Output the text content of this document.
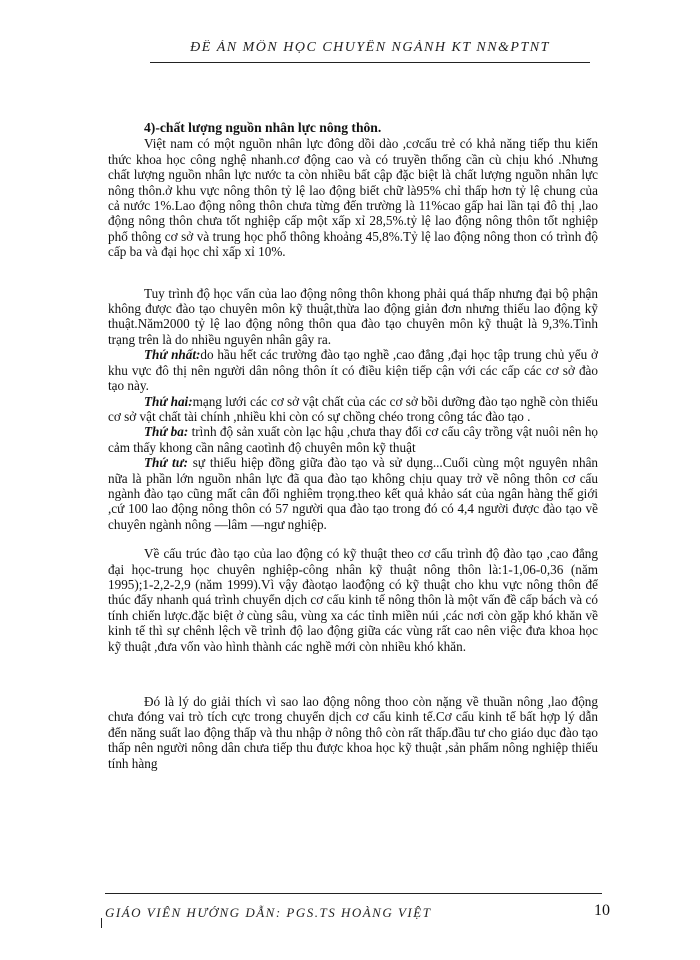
ĐỀ ÁN MÔN HỌC CHUYÊN NGÀNH KT NN&PTNT
4)-chất lượng nguồn nhân lực nông thôn.

Việt nam có một nguồn nhân lực đông dồi dào ,cơcấu trẻ có khả năng tiếp thu kiến thức khoa học công nghệ nhanh.cơ động cao và có truyền thống cần cù chịu khó .Nhưng chất lượng nguồn nhân lực nước ta còn nhiều bất cập đặc biệt là chất lượng nguồn nhân lực nông thôn.ở khu vực nông thôn tỷ lệ lao động biết chữ là95% chỉ thấp hơn tỷ lệ chung của cả nước 1%.Lao động nông thôn chưa từng đến trường là 11%cao gấp hai lần tại đô thị ,lao động nông thôn chưa tốt nghiệp cấp một xấp xỉ 28,5%.tỷ lệ lao động nông thôn tốt nghiệp phổ thông cơ sở và trung học phổ thông khoảng 45,8%.Tỷ lệ lao động nông thon có trình độ cấp ba và đại học chỉ xấp xỉ 10%.

Tuy trình độ học vấn của lao động nông thôn khong phải quá thấp nhưng đại bộ phận không được đào tạo chuyên môn kỹ thuật,thừa lao động giản đơn nhưng thiếu lao động kỹ thuật.Năm2000 tỷ lệ lao động nông thôn qua đào tạo chuyên môn kỹ thuật là 9,3%.Tình trạng trên là do nhiều nguyên nhân gây ra.

Thứ nhất:do hầu hết các trường đào tạo nghề ,cao đẳng ,đại học tập trung chủ yếu ở khu vực đô thị nên người dân nông thôn ít có điều kiện tiếp cận với các cấp các cơ sở đào tạo này.

Thứ hai:mạng lưới các cơ sở vật chất của các cơ sở bồi dưỡng đào tạo nghề còn thiếu cơ sở vật chất tài chính ,nhiều khi còn có sự chồng chéo trong công tác đào tạo .

Thứ ba: trình độ sản xuất còn lạc hậu ,chưa thay đổi cơ cấu cây trồng vật nuôi nên họ cảm thấy khong cần nâng caotình độ chuyên môn kỹ thuật

Thứ tư: sự thiếu hiệp đồng giữa đào tạo và sử dụng...Cuối cùng một nguyên nhân nữa là phần lớn nguồn nhân lực đã qua đào tạo không chịu quay trở về nông thôn cơ cấu ngành đào tạo cũng mất cân đối nghiêm trọng.theo kết quả khảo sát của ngân hàng thế giới ,cứ 100 lao động nông thôn có 57 người qua đào tạo trong đó có 4,4 người được đào tạo về chuyên ngành nông —lâm —ngư nghiệp.

Về cấu trúc đào tạo của lao động có kỹ thuật theo cơ cấu trình độ đào tạo ,cao đẳng đại học-trung học chuyên nghiệp-công nhân kỹ thuật nông thôn là:1-1,06-0,36 (năm 1995);1-2,2-2,9 (năm 1999).Vì vậy đàotạo laođộng có kỹ thuật cho khu vực nông thôn để thúc đẩy nhanh quá trình chuyển dịch cơ cấu kinh tế nông thôn là một vấn đề cấp bách và có tính chiến lược.đặc biệt ở cùng sâu, vùng xa các tỉnh miền núi ,các nơi còn gặp khó khăn về kinh tế thì sự chênh lệch về trình độ lao động giữa các vùng rất cao nên việc đưa khoa học kỹ thuật ,đưa vốn vào hình thành các nghề mới còn nhiều khó khăn.

Đó là lý do giải thích vì sao lao động nông thoo còn nặng về thuần nông ,lao động chưa đóng vai trò tích cực trong chuyển dịch cơ cấu kinh tế.Cơ cấu kinh tế bất hợp lý dẫn đến năng suất lao động thấp và thu nhập ở nông thô còn rất thấp.đầu tư cho giáo dục đào tạo thấp nên người nông dân chưa tiếp thu được khoa học kỹ thuật ,sản phẩm nông nghiệp thiếu tính hàng

GIÁO VIÊN HƯỚNG DẪN: PGS.TS HOÀNG VIỆT	10
